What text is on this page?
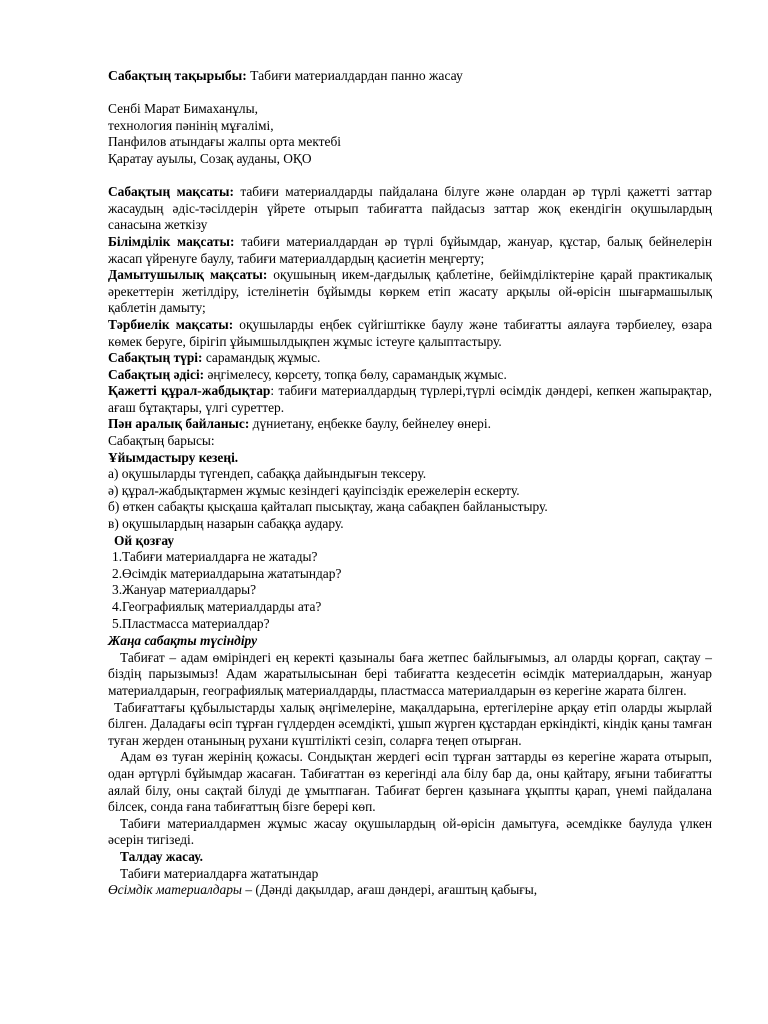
Сабақтың тақырыбы: Табиғи материалдардан панно жасау

Сенбі Марат Бимаханұлы,

технология пәнінің мұғалімі,

Панфилов атындағы жалпы орта мектебі

Қаратау ауылы, Созақ ауданы, ОҚО

Сабақтың мақсаты: табиғи материалдарды пайдалана білуге және олардан әр түрлі қажетті заттар жасаудың әдіс-тәсілдерін үйрете отырып табиғатта пайдасыз заттар жоқ екендігін оқушылардың санасына жеткізу

Білімділік мақсаты: табиғи материалдардан әр түрлі бұйымдар, жануар, құстар, балық бейнелерін жасап үйренуге баулу, табиғи материалдардың қасиетін меңгерту;

Дамытушылық мақсаты: оқушының икем-дағдылық қаблетіне, бейімділіктеріне қарай практикалық әрекеттерін жетілдіру, істелінетін бұйымды көркем етіп жасату арқылы ой-өрісін шығармашылық қаблетін дамыту;

Тәрбиелік мақсаты: оқушыларды еңбек сүйгіштікке баулу және табиғатты аялауға тәрбиелеу, өзара көмек беруге, бірігіп ұйымшылдықпен жұмыс істеуге қалыптастыру.

Сабақтың түрі: сарамандық жұмыс.

Сабақтың әдісі: әңгімелесу, көрсету, топқа бөлу, сарамандық жұмыс.

Қажетті құрал-жабдықтар: табиғи материалдардың түрлері,түрлі өсімдік дәндері, кепкен жапырақтар, ағаш бұтақтары, үлгі суреттер.

Пән аралық байланыс: дүниетану, еңбекке баулу, бейнелеу өнері.

Сабақтың барысы:

Ұйымдастыру кезеңі.

а) оқушыларды түгендеп, сабаққа дайындығын тексеру.

ә) құрал-жабдықтармен жұмыс кезіндегі қауіпсіздік ережелерін ескерту.

б) өткен сабақты қысқаша қайталап пысықтау, жаңа сабақпен байланыстыру.

в) оқушылардың назарын сабаққа аудару.

Ой қозғау

1.Табиғи материалдарға не жатады?

2.Өсімдік материалдарына жататындар?

3.Жануар материалдары?

4.Географиялық материалдарды ата?

5.Пластмасса материалдар?

Жаңа сабақты түсіндіру

Табиғат – адам өміріндегі ең керекті қазыналы баға жетпес байлығымыз, ал оларды қорғап, сақтау – біздің парызымыз! Адам жаратылысынан бері табиғатта кездесетін өсімдік материалдарын, жануар материалдарын, географиялық материалдарды, пластмасса материалдарын өз керегіне жарата білген.

Табиғаттағы құбылыстарды халық әңгімелеріне, мақалдарына, ертегілеріне арқау етіп оларды жырлай білген. Даладағы өсіп тұрған гүлдерден әсемдікті, ұшып жүрген құстардан еркіндікті, кіндік қаны тамған туған жерден отанының рухани күштілікті сезіп, соларға теңеп отырған.

Адам өз туған жерінің қожасы. Сондықтан жердегі өсіп тұрған заттарды өз керегіне жарата отырып, одан әртүрлі бұйымдар жасаған. Табиғаттан өз керегінді ала білу бар да, оны қайтару, яғыни табиғатты аялай білу, оны сақтай білуді де ұмытпаған. Табиғат берген қазынаға ұқыпты қарап, үнемі пайдалана білсек, сонда ғана табиғаттың бізге берері көп.

Табиғи материалдармен жұмыс жасау оқушылардың ой-өрісін дамытуға, әсемдікке баулуда үлкен әсерін тигізеді.

Талдау жасау.

Табиғи материалдарға жататындар

Өсімдік материалдары – (Дәнді дақылдар, ағаш дәндері, ағаштың қабығы,
